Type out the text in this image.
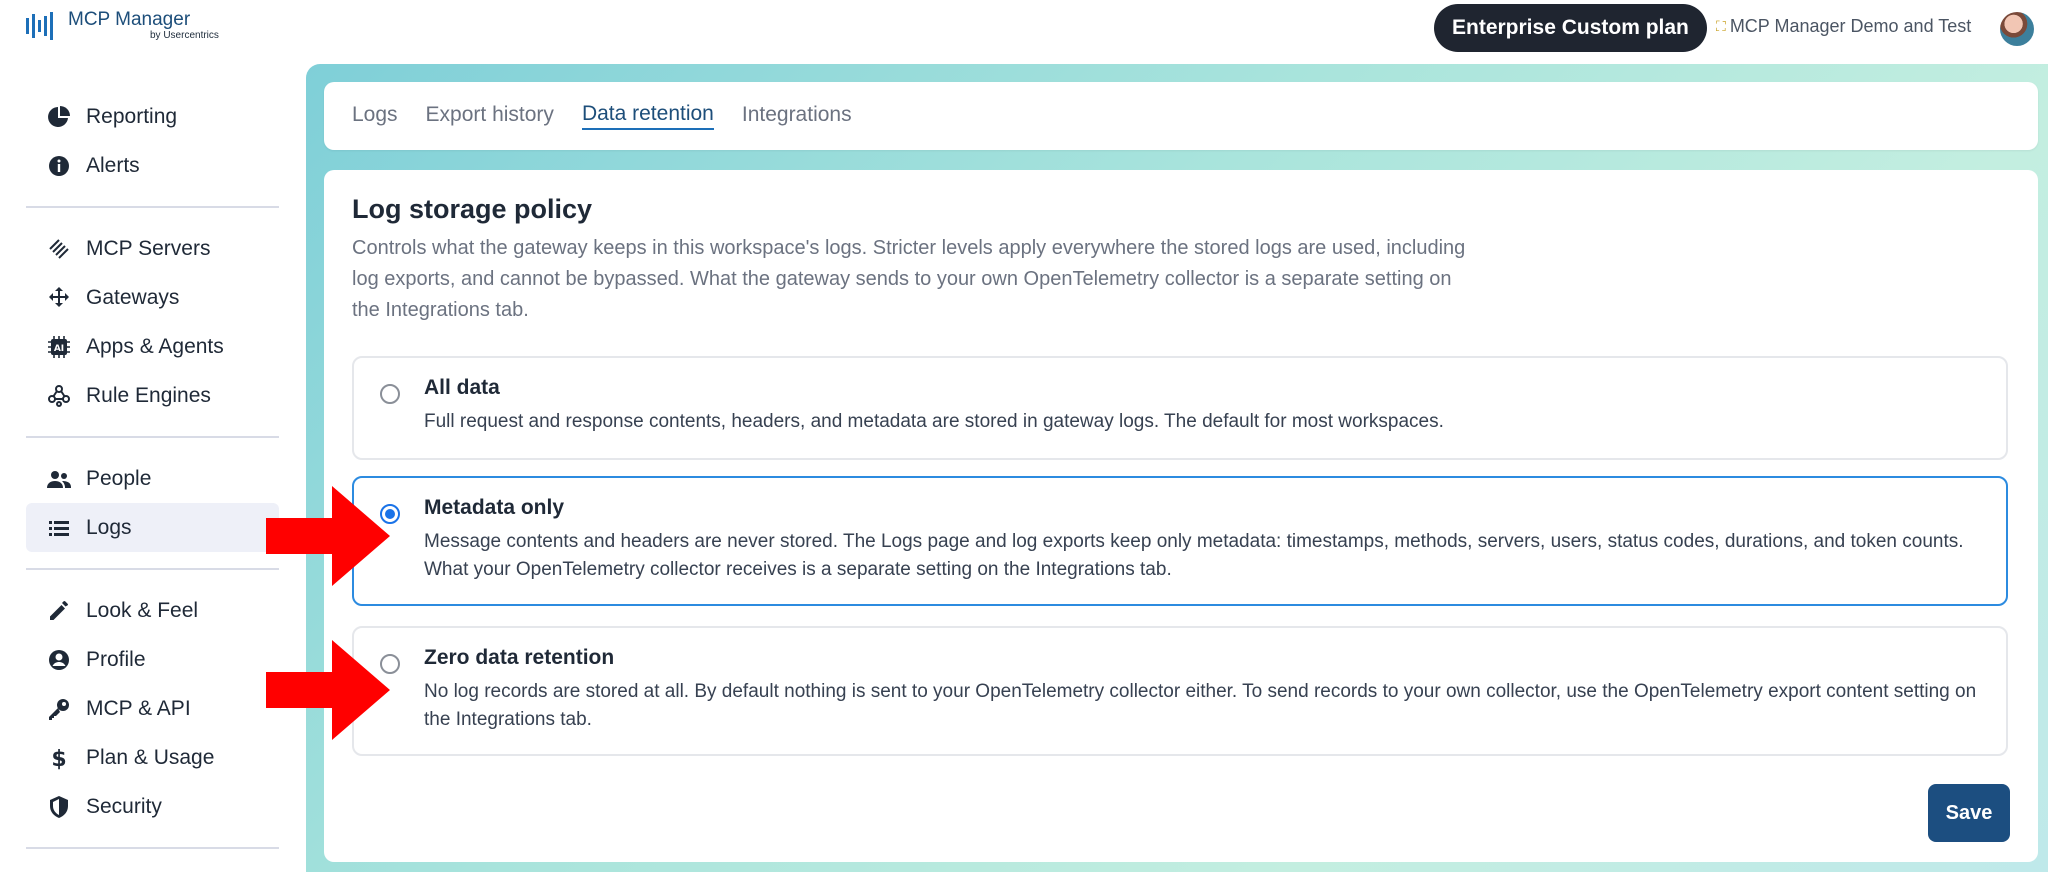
MCP Manager
by Usercentrics	Enterprise Custom plan	⛶ MCP Manager Demo and Test
Reporting
Alerts
MCP Servers
Gateways
AI Apps & Agents
Rule Engines
People
Logs
Look & Feel
Profile
MCP & API
$ Plan & Usage
Security
Logs Export history Data retention Integrations
Log storage policy

Controls what the gateway keeps in this workspace's logs. Stricter levels apply everywhere the stored logs are used, including log exports, and cannot be bypassed. What the gateway sends to your own OpenTelemetry collector is a separate setting on the Integrations tab.

All data
Full request and response contents, headers, and metadata are stored in gateway logs. The default for most workspaces.
Metadata only
Message contents and headers are never stored. The Logs page and log exports keep only metadata: timestamps, methods, servers, users, status codes, durations, and token counts. What your OpenTelemetry collector receives is a separate setting on the Integrations tab.
Zero data retention
No log records are stored at all. By default nothing is sent to your OpenTelemetry collector either. To send records to your own collector, use the OpenTelemetry export content setting on the Integrations tab.
Save
